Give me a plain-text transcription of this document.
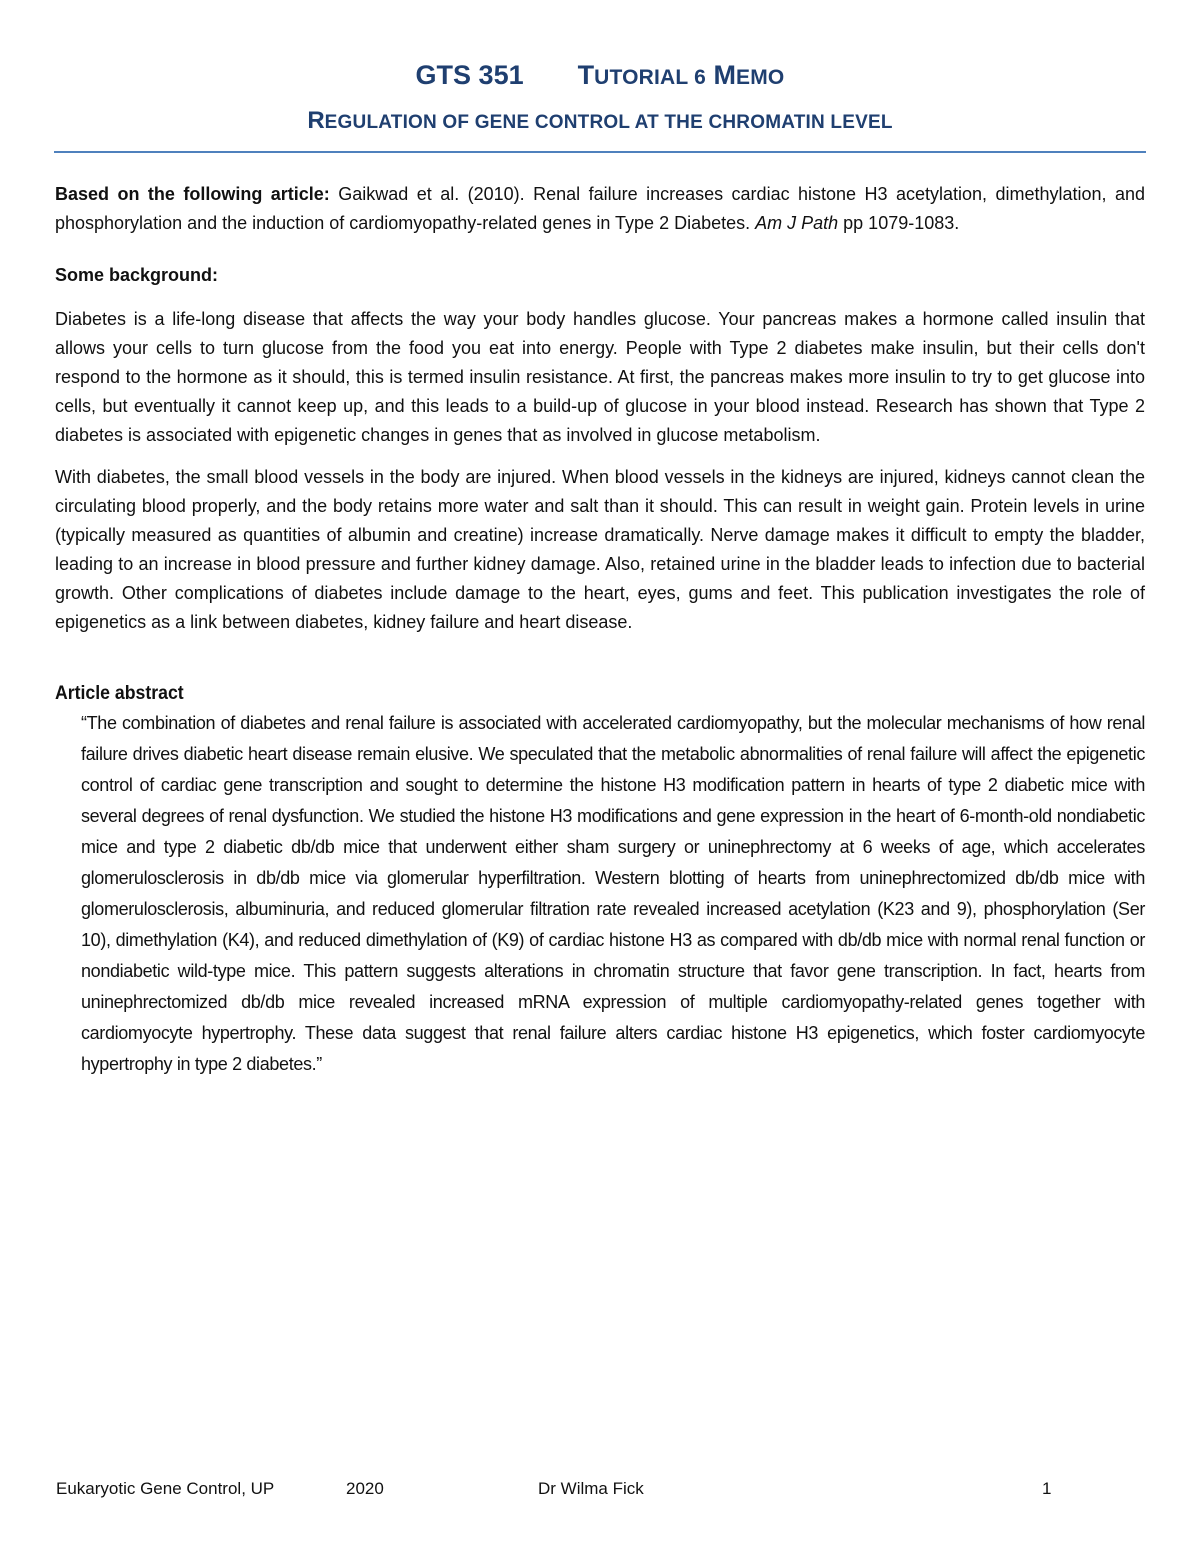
GTS 351 TUTORIAL 6 MEMO
REGULATION OF GENE CONTROL AT THE CHROMATIN LEVEL

Based on the following article: Gaikwad et al. (2010). Renal failure increases cardiac histone H3 acetylation, dimethylation, and phosphorylation and the induction of cardiomyopathy-related genes in Type 2 Diabetes. Am J Path pp 1079-1083.

Some background:

Diabetes is a life-long disease that affects the way your body handles glucose. Your pancreas makes a hormone called insulin that allows your cells to turn glucose from the food you eat into energy. People with Type 2 diabetes make insulin, but their cells don't respond to the hormone as it should, this is termed insulin resistance. At first, the pancreas makes more insulin to try to get glucose into cells, but eventually it cannot keep up, and this leads to a build-up of glucose in your blood instead. Research has shown that Type 2 diabetes is associated with epigenetic changes in genes that as involved in glucose metabolism.

With diabetes, the small blood vessels in the body are injured. When blood vessels in the kidneys are injured, kidneys cannot clean the circulating blood properly, and the body retains more water and salt than it should. This can result in weight gain. Protein levels in urine (typically measured as quantities of albumin and creatine) increase dramatically. Nerve damage makes it difficult to empty the bladder, leading to an increase in blood pressure and further kidney damage. Also, retained urine in the bladder leads to infection due to bacterial growth. Other complications of diabetes include damage to the heart, eyes, gums and feet. This publication investigates the role of epigenetics as a link between diabetes, kidney failure and heart disease.

Article abstract

“The combination of diabetes and renal failure is associated with accelerated cardiomyopathy, but the molecular mechanisms of how renal failure drives diabetic heart disease remain elusive. We speculated that the metabolic abnormalities of renal failure will affect the epigenetic control of cardiac gene transcription and sought to determine the histone H3 modification pattern in hearts of type 2 diabetic mice with several degrees of renal dysfunction. We studied the histone H3 modifications and gene expression in the heart of 6-month-old nondiabetic mice and type 2 diabetic db/db mice that underwent either sham surgery or uninephrectomy at 6 weeks of age, which accelerates glomerulosclerosis in db/db mice via glomerular hyperfiltration. Western blotting of hearts from uninephrectomized db/db mice with glomerulosclerosis, albuminuria, and reduced glomerular filtration rate revealed increased acetylation (K23 and 9), phosphorylation (Ser 10), dimethylation (K4), and reduced dimethylation of (K9) of cardiac histone H3 as compared with db/db mice with normal renal function or nondiabetic wild-type mice. This pattern suggests alterations in chromatin structure that favor gene transcription. In fact, hearts from uninephrectomized db/db mice revealed increased mRNA expression of multiple cardiomyopathy-related genes together with cardiomyocyte hypertrophy. These data suggest that renal failure alters cardiac histone H3 epigenetics, which foster cardiomyocyte hypertrophy in type 2 diabetes.”

Eukaryotic Gene Control, UP	2020	Dr Wilma Fick	1
